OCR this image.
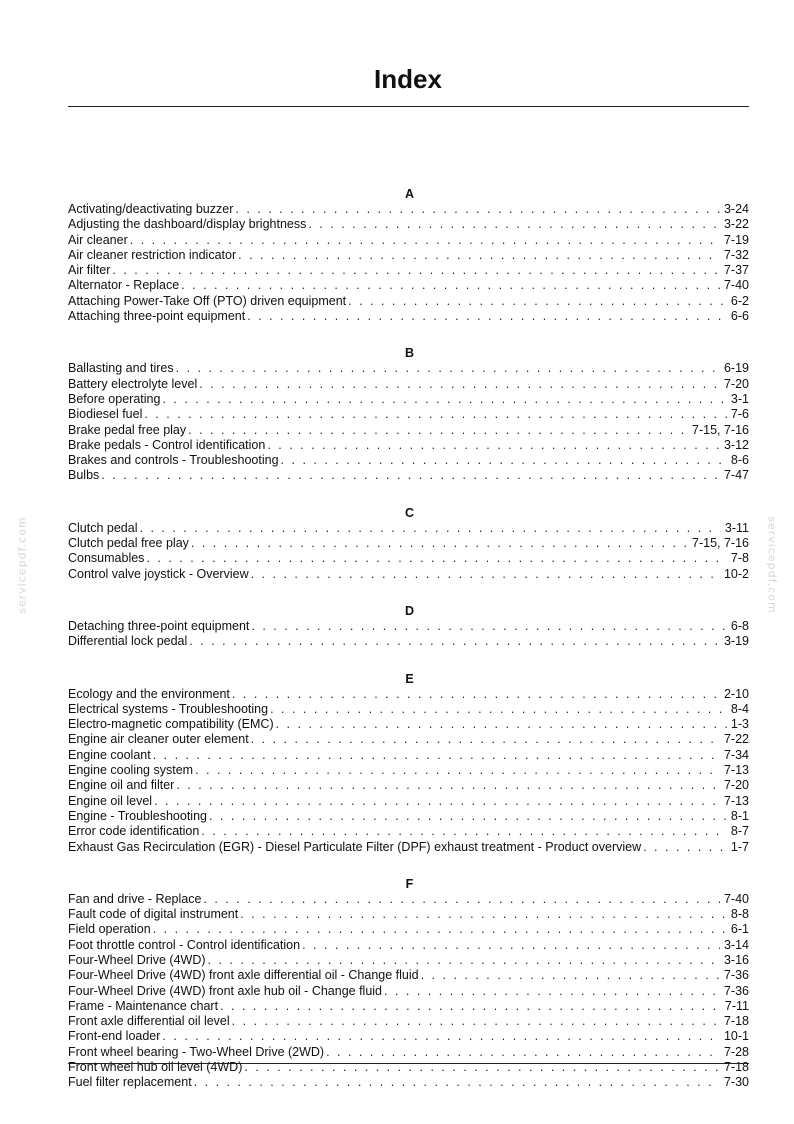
Index
servicepdf.com	servicepdf.com
A
Activating/deactivating buzzer . . .	3-24
Adjusting the dashboard/display brightness . . .	3-22
Air cleaner . . .	7-19
Air cleaner restriction indicator . . .	7-32
Air filter . . .	7-37
Alternator - Replace . . .	7-40
Attaching Power-Take Off (PTO) driven equipment . . .	6-2
Attaching three-point equipment . . .	6-6
B
Ballasting and tires . . .	6-19
Battery electrolyte level . . .	7-20
Before operating . . .	3-1
Biodiesel fuel . . .	7-6
Brake pedal free play . . .	7-15, 7-16
Brake pedals - Control identification . . .	3-12
Brakes and controls - Troubleshooting . . .	8-6
Bulbs . . .	7-47
C
Clutch pedal . . .	3-11
Clutch pedal free play . . .	7-15, 7-16
Consumables . . .	7-8
Control valve joystick - Overview . . .	10-2
D
Detaching three-point equipment . . .	6-8
Differential lock pedal . . .	3-19
E
Ecology and the environment . . .	2-10
Electrical systems - Troubleshooting . . .	8-4
Electro-magnetic compatibility (EMC) . . .	1-3
Engine air cleaner outer element . . .	7-22
Engine coolant . . .	7-34
Engine cooling system . . .	7-13
Engine oil and filter . . .	7-20
Engine oil level . . .	7-13
Engine - Troubleshooting . . .	8-1
Error code identification . . .	8-7
Exhaust Gas Recirculation (EGR) - Diesel Particulate Filter (DPF) exhaust treatment - Product overview . . .	1-7
F
Fan and drive - Replace . . .	7-40
Fault code of digital instrument . . .	8-8
Field operation . . .	6-1
Foot throttle control - Control identification . . .	3-14
Four-Wheel Drive (4WD) . . .	3-16
Four-Wheel Drive (4WD) front axle differential oil - Change fluid . . .	7-36
Four-Wheel Drive (4WD) front axle hub oil - Change fluid . . .	7-36
Frame - Maintenance chart . . .	7-11
Front axle differential oil level . . .	7-18
Front-end loader . . .	10-1
Front wheel bearing - Two-Wheel Drive (2WD) . . .	7-28
Front wheel hub oil level (4WD) . . .	7-18
Fuel filter replacement . . .	7-30
